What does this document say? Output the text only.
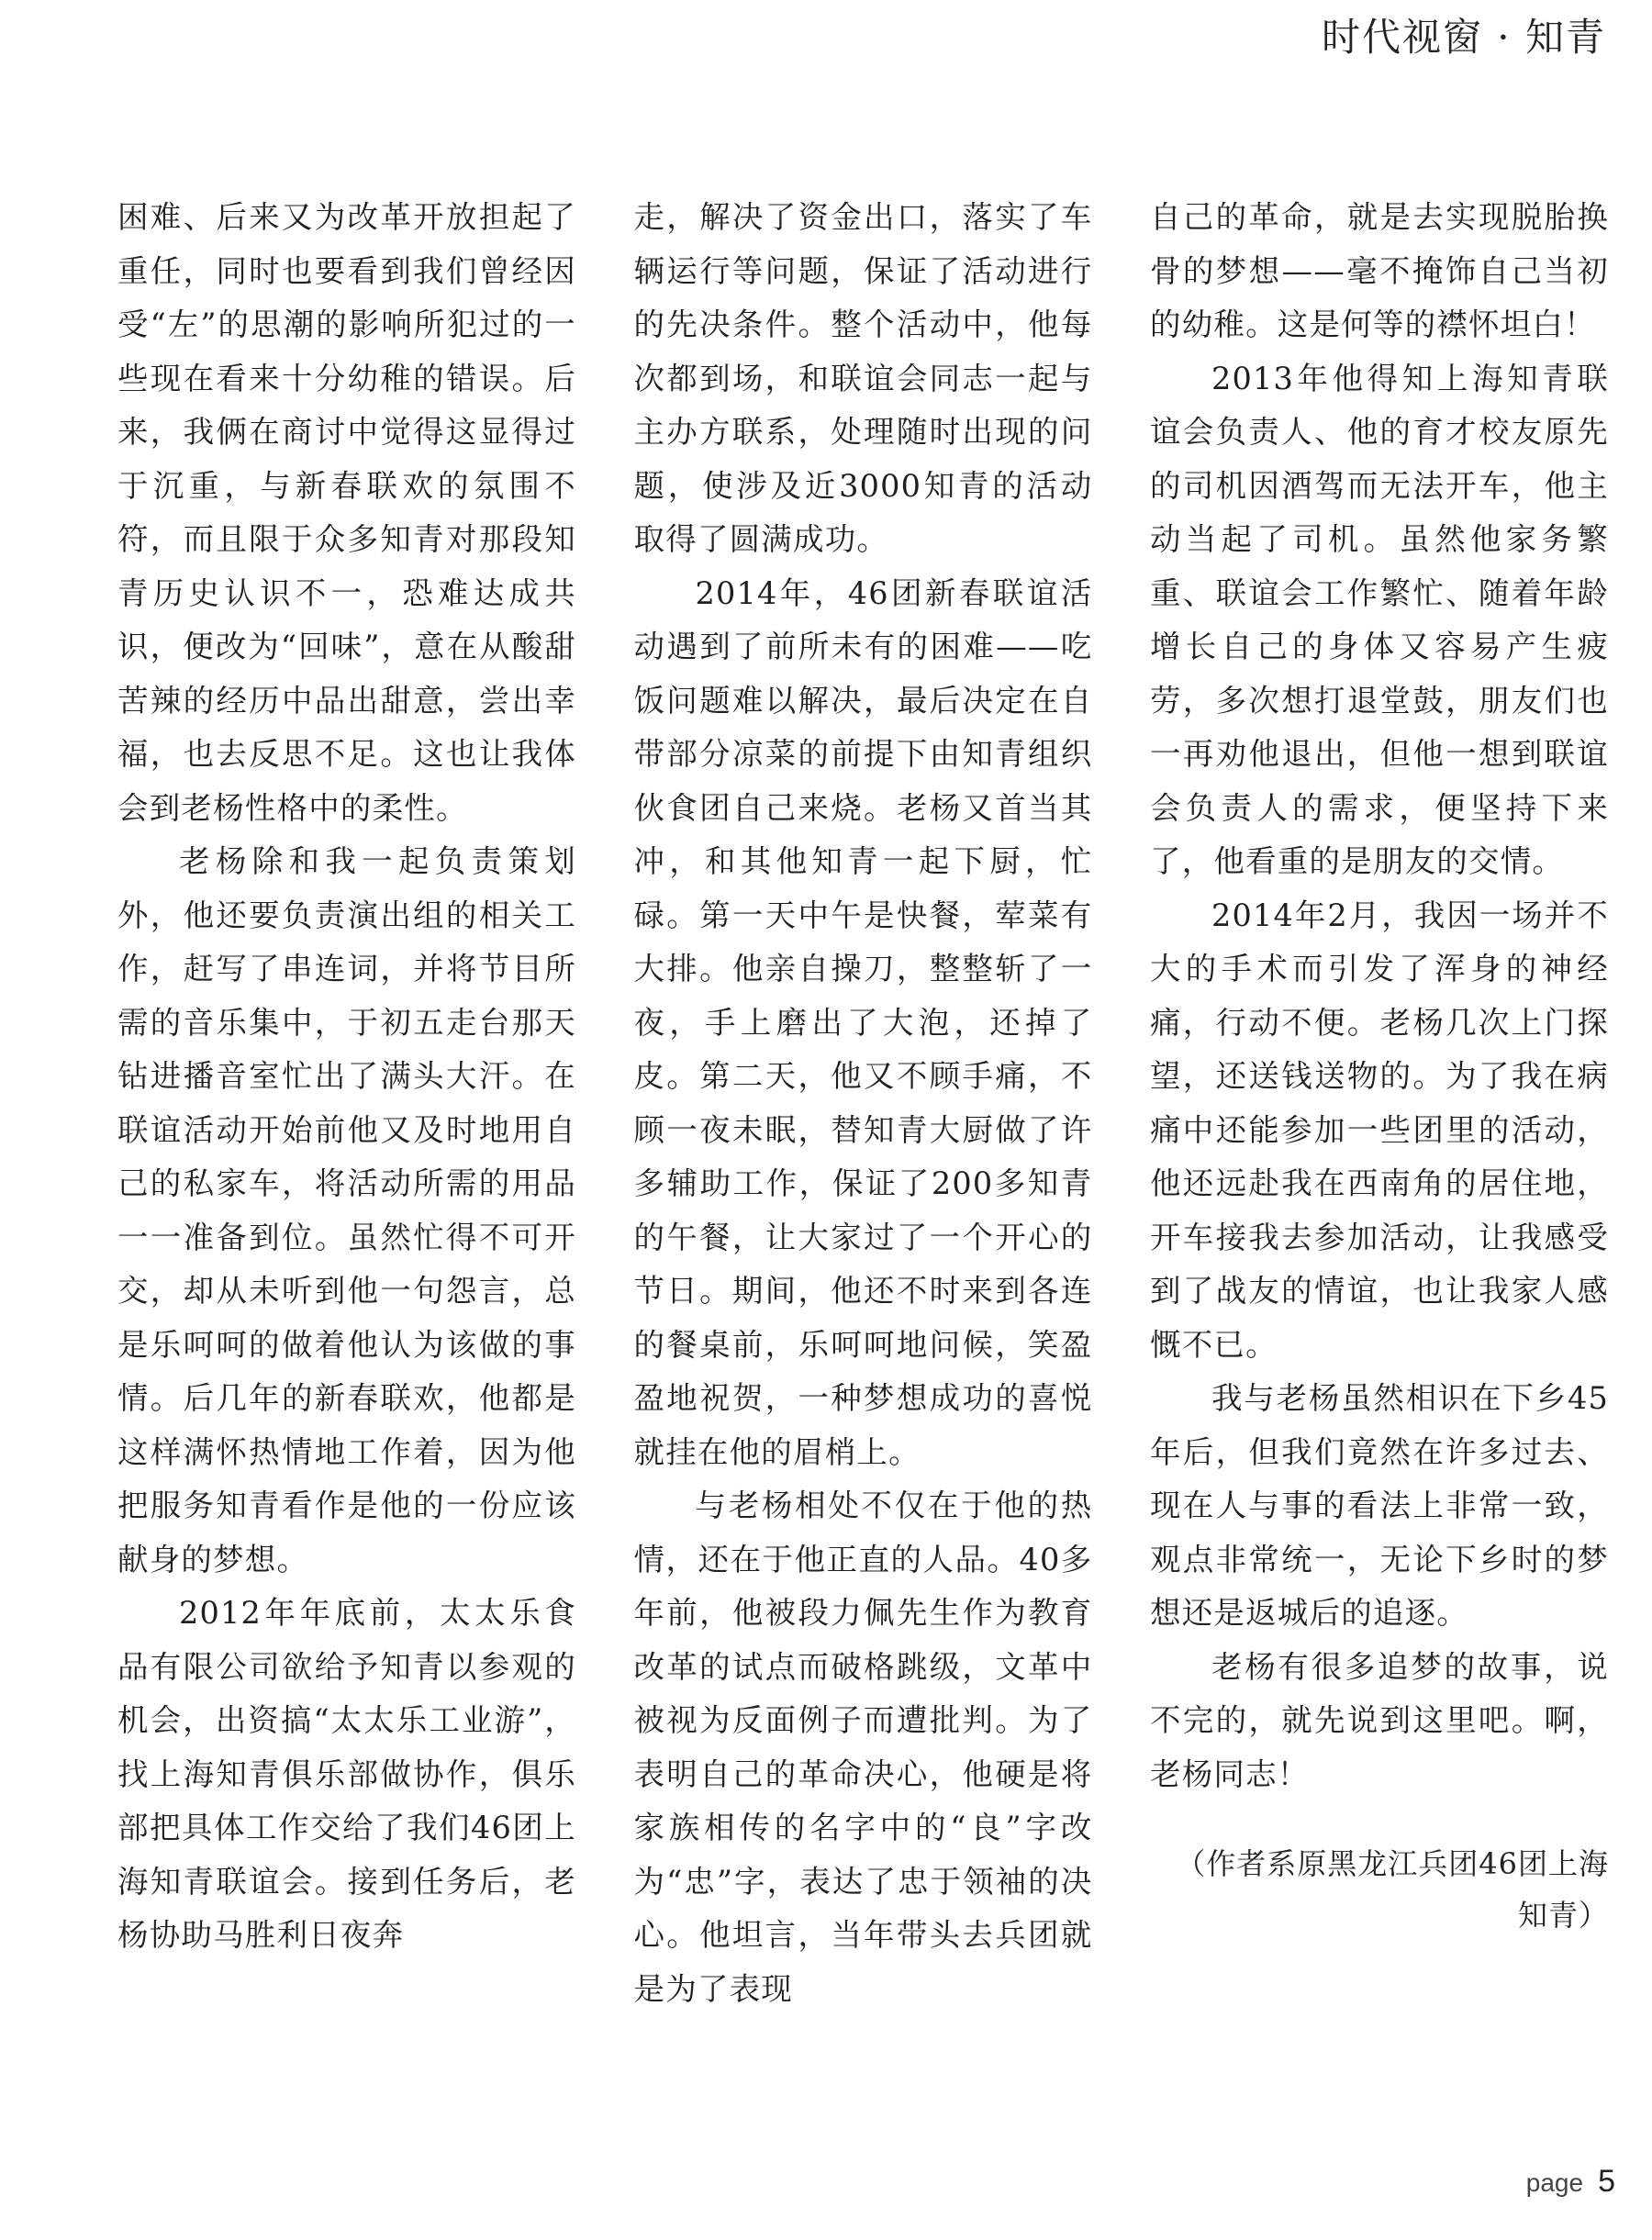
时代视窗 · 知青

困难、后来又为改革开放担起了重任，同时也要看到我们曾经因受“左”的思潮的影响所犯过的一些现在看来十分幼稚的错误。后来，我俩在商讨中觉得这显得过于沉重，与新春联欢的氛围不符，而且限于众多知青对那段知青历史认识不一，恐难达成共识，便改为“回味”，意在从酸甜苦辣的经历中品出甜意，尝出幸福，也去反思不足。这也让我体会到老杨性格中的柔性。

老杨除和我一起负责策划外，他还要负责演出组的相关工作，赶写了串连词，并将节目所需的音乐集中，于初五走台那天钻进播音室忙出了满头大汗。在联谊活动开始前他又及时地用自己的私家车，将活动所需的用品一一准备到位。虽然忙得不可开交，却从未听到他一句怨言，总是乐呵呵的做着他认为该做的事情。后几年的新春联欢，他都是这样满怀热情地工作着，因为他把服务知青看作是他的一份应该献身的梦想。

2012年年底前，太太乐食品有限公司欲给予知青以参观的机会，出资搞“太太乐工业游”，找上海知青俱乐部做协作，俱乐部把具体工作交给了我们46团上海知青联谊会。接到任务后，老杨协助马胜利日夜奔

走，解决了资金出口，落实了车辆运行等问题，保证了活动进行的先决条件。整个活动中，他每次都到场，和联谊会同志一起与主办方联系，处理随时出现的问题，使涉及近3000知青的活动取得了圆满成功。

2014年，46团新春联谊活动遇到了前所未有的困难——吃饭问题难以解决，最后决定在自带部分凉菜的前提下由知青组织伙食团自己来烧。老杨又首当其冲，和其他知青一起下厨，忙碌。第一天中午是快餐，荤菜有大排。他亲自操刀，整整斩了一夜，手上磨出了大泡，还掉了皮。第二天，他又不顾手痛，不顾一夜未眠，替知青大厨做了许多辅助工作，保证了200多知青的午餐，让大家过了一个开心的节日。期间，他还不时来到各连的餐桌前，乐呵呵地问候，笑盈盈地祝贺，一种梦想成功的喜悦就挂在他的眉梢上。

与老杨相处不仅在于他的热情，还在于他正直的人品。40多年前，他被段力佩先生作为教育改革的试点而破格跳级，文革中被视为反面例子而遭批判。为了表明自己的革命决心，他硬是将家族相传的名字中的“良”字改为“忠”字，表达了忠于领袖的决心。他坦言，当年带头去兵团就是为了表现

自己的革命，就是去实现脱胎换骨的梦想——毫不掩饰自己当初的幼稚。这是何等的襟怀坦白！

2013年他得知上海知青联谊会负责人、他的育才校友原先的司机因酒驾而无法开车，他主动当起了司机。虽然他家务繁重、联谊会工作繁忙、随着年龄增长自己的身体又容易产生疲劳，多次想打退堂鼓，朋友们也一再劝他退出，但他一想到联谊会负责人的需求，便坚持下来了，他看重的是朋友的交情。

2014年2月，我因一场并不大的手术而引发了浑身的神经痛，行动不便。老杨几次上门探望，还送钱送物的。为了我在病痛中还能参加一些团里的活动，他还远赴我在西南角的居住地，开车接我去参加活动，让我感受到了战友的情谊，也让我家人感慨不已。

我与老杨虽然相识在下乡45年后，但我们竟然在许多过去、现在人与事的看法上非常一致，观点非常统一，无论下乡时的梦想还是返城后的追逐。

老杨有很多追梦的故事，说不完的，就先说到这里吧。啊，老杨同志！

（作者系原黑龙江兵团46团上海知青）
page 5
